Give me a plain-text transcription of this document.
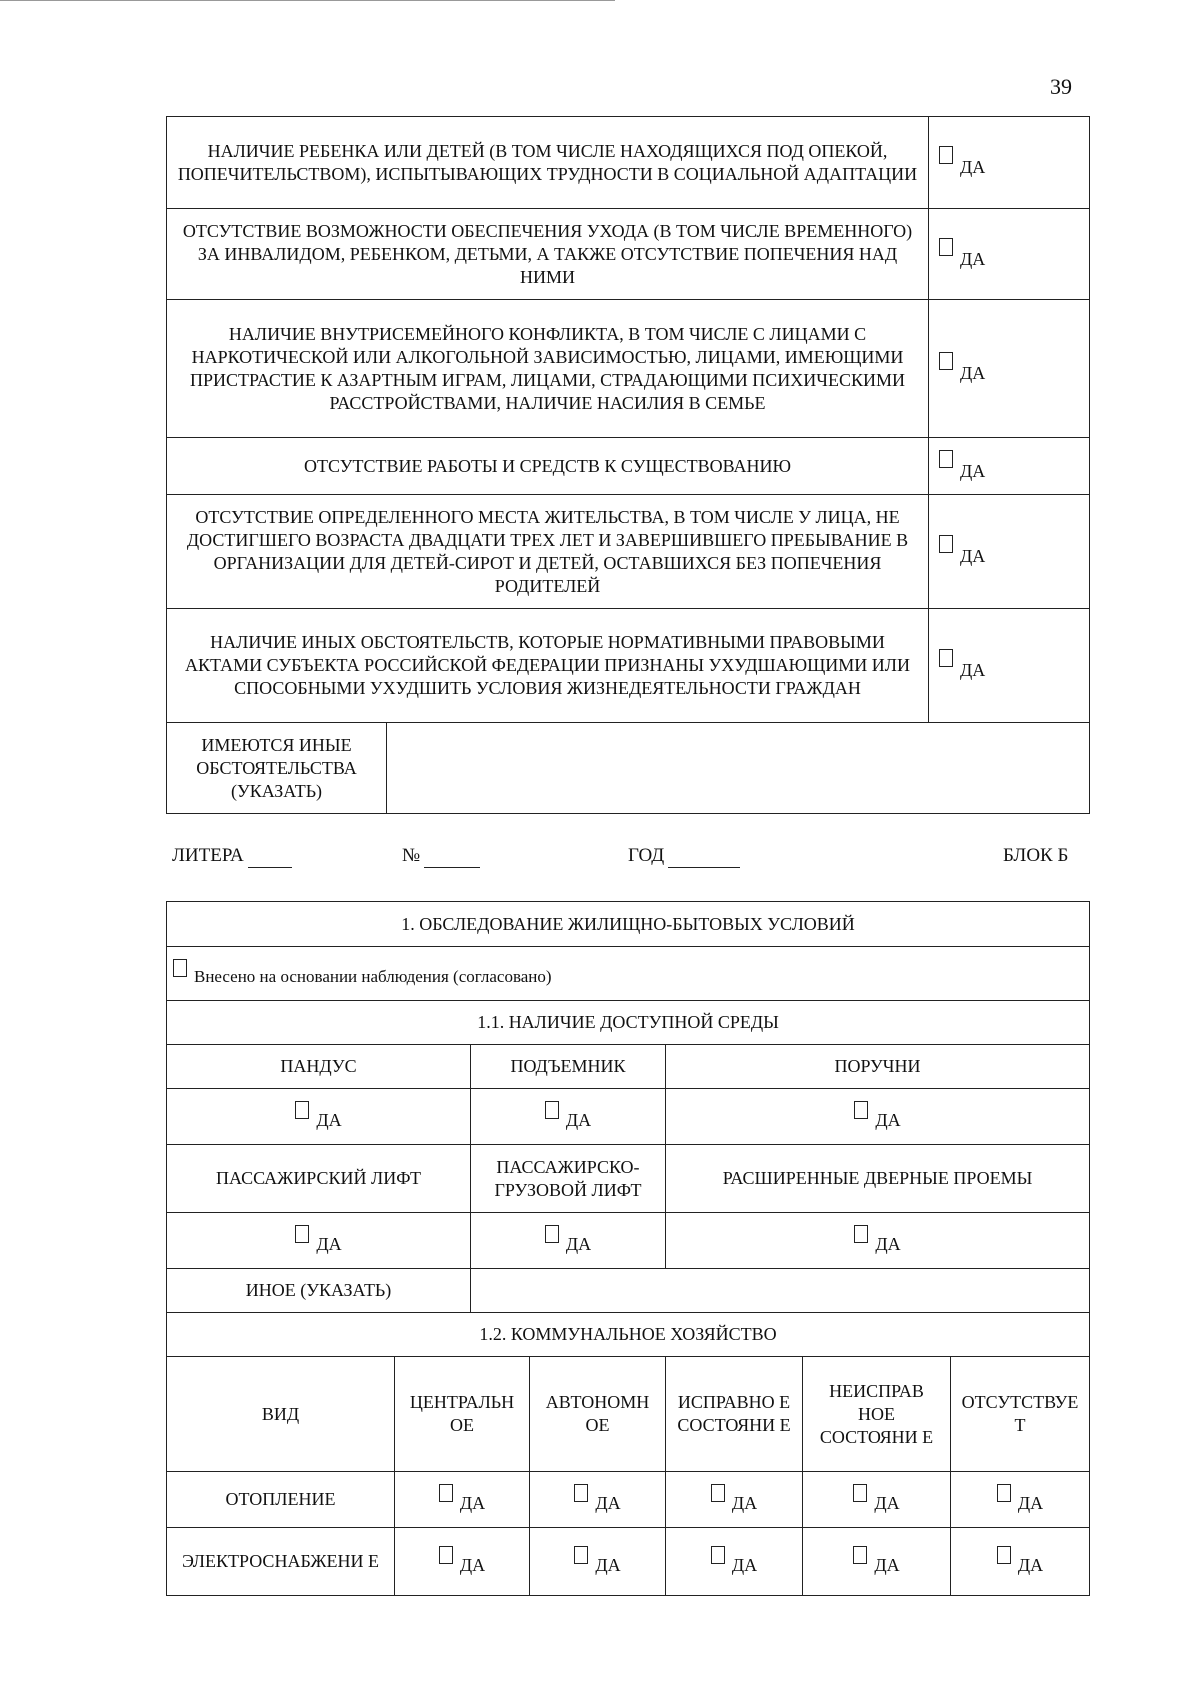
39
НАЛИЧИЕ РЕБЕНКА ИЛИ ДЕТЕЙ (В ТОМ ЧИСЛЕ НАХОДЯЩИХСЯ ПОД ОПЕКОЙ, ПОПЕЧИТЕЛЬСТВОМ), ИСПЫТЫВАЮЩИХ ТРУДНОСТИ В СОЦИАЛЬНОЙ АДАПТАЦИИ		ДА
ОТСУТСТВИЕ ВОЗМОЖНОСТИ ОБЕСПЕЧЕНИЯ УХОДА (В ТОМ ЧИСЛЕ ВРЕМЕННОГО) ЗА ИНВАЛИДОМ, РЕБЕНКОМ, ДЕТЬМИ, А ТАКЖЕ ОТСУТСТВИЕ ПОПЕЧЕНИЯ НАД НИМИ		ДА
НАЛИЧИЕ ВНУТРИСЕМЕЙНОГО КОНФЛИКТА, В ТОМ ЧИСЛЕ С ЛИЦАМИ С НАРКОТИЧЕСКОЙ ИЛИ АЛКОГОЛЬНОЙ ЗАВИСИМОСТЬЮ, ЛИЦАМИ, ИМЕЮЩИМИ ПРИСТРАСТИЕ К АЗАРТНЫМ ИГРАМ, ЛИЦАМИ, СТРАДАЮЩИМИ ПСИХИЧЕСКИМИ РАССТРОЙСТВАМИ, НАЛИЧИЕ НАСИЛИЯ В СЕМЬЕ		ДА
ОТСУТСТВИЕ РАБОТЫ И СРЕДСТВ К СУЩЕСТВОВАНИЮ		ДА
ОТСУТСТВИЕ ОПРЕДЕЛЕННОГО МЕСТА ЖИТЕЛЬСТВА, В ТОМ ЧИСЛЕ У ЛИЦА, НЕ ДОСТИГШЕГО ВОЗРАСТА ДВАДЦАТИ ТРЕХ ЛЕТ И ЗАВЕРШИВШЕГО ПРЕБЫВАНИЕ В ОРГАНИЗАЦИИ ДЛЯ ДЕТЕЙ-СИРОТ И ДЕТЕЙ, ОСТАВШИХСЯ БЕЗ ПОПЕЧЕНИЯ РОДИТЕЛЕЙ		ДА
НАЛИЧИЕ ИНЫХ ОБСТОЯТЕЛЬСТВ, КОТОРЫЕ НОРМАТИВНЫМИ ПРАВОВЫМИ АКТАМИ СУБЪЕКТА РОССИЙСКОЙ ФЕДЕРАЦИИ ПРИЗНАНЫ УХУДШАЮЩИМИ ИЛИ СПОСОБНЫМИ УХУДШИТЬ УСЛОВИЯ ЖИЗНЕДЕЯТЕЛЬНОСТИ ГРАЖДАН		ДА
ИМЕЮТСЯ ИНЫЕ ОБСТОЯТЕЛЬСТВА (УКАЗАТЬ)		
ЛИТЕРА	№	ГОД	БЛОК Б
1. ОБСЛЕДОВАНИЕ ЖИЛИЩНО-БЫТОВЫХ УСЛОВИЙ						
Внесено на основании наблюдения (согласовано)						
1.1. НАЛИЧИЕ ДОСТУПНОЙ СРЕДЫ						
ПАНДУС		ПОДЪЕМНИК		ПОРУЧНИ		
ДА		ДА		ДА		
ПАССАЖИРСКИЙ ЛИФТ		ПАССАЖИРСКО-ГРУЗОВОЙ ЛИФТ		РАСШИРЕННЫЕ ДВЕРНЫЕ ПРОЕМЫ		
ДА		ДА		ДА		
ИНОЕ (УКАЗАТЬ)						
1.2. КОММУНАЛЬНОЕ ХОЗЯЙСТВО						
ВИД	ЦЕНТРАЛЬН ОЕ		АВТОНОМН ОЕ	ИСПРАВНО Е СОСТОЯНИ Е	НЕИСПРАВ НОЕ СОСТОЯНИ Е	ОТСУТСТВУЕ Т
ОТОПЛЕНИЕ	ДА		ДА	ДА	ДА	ДА
ЭЛЕКТРОСНАБЖЕНИ Е	ДА		ДА	ДА	ДА	ДА
